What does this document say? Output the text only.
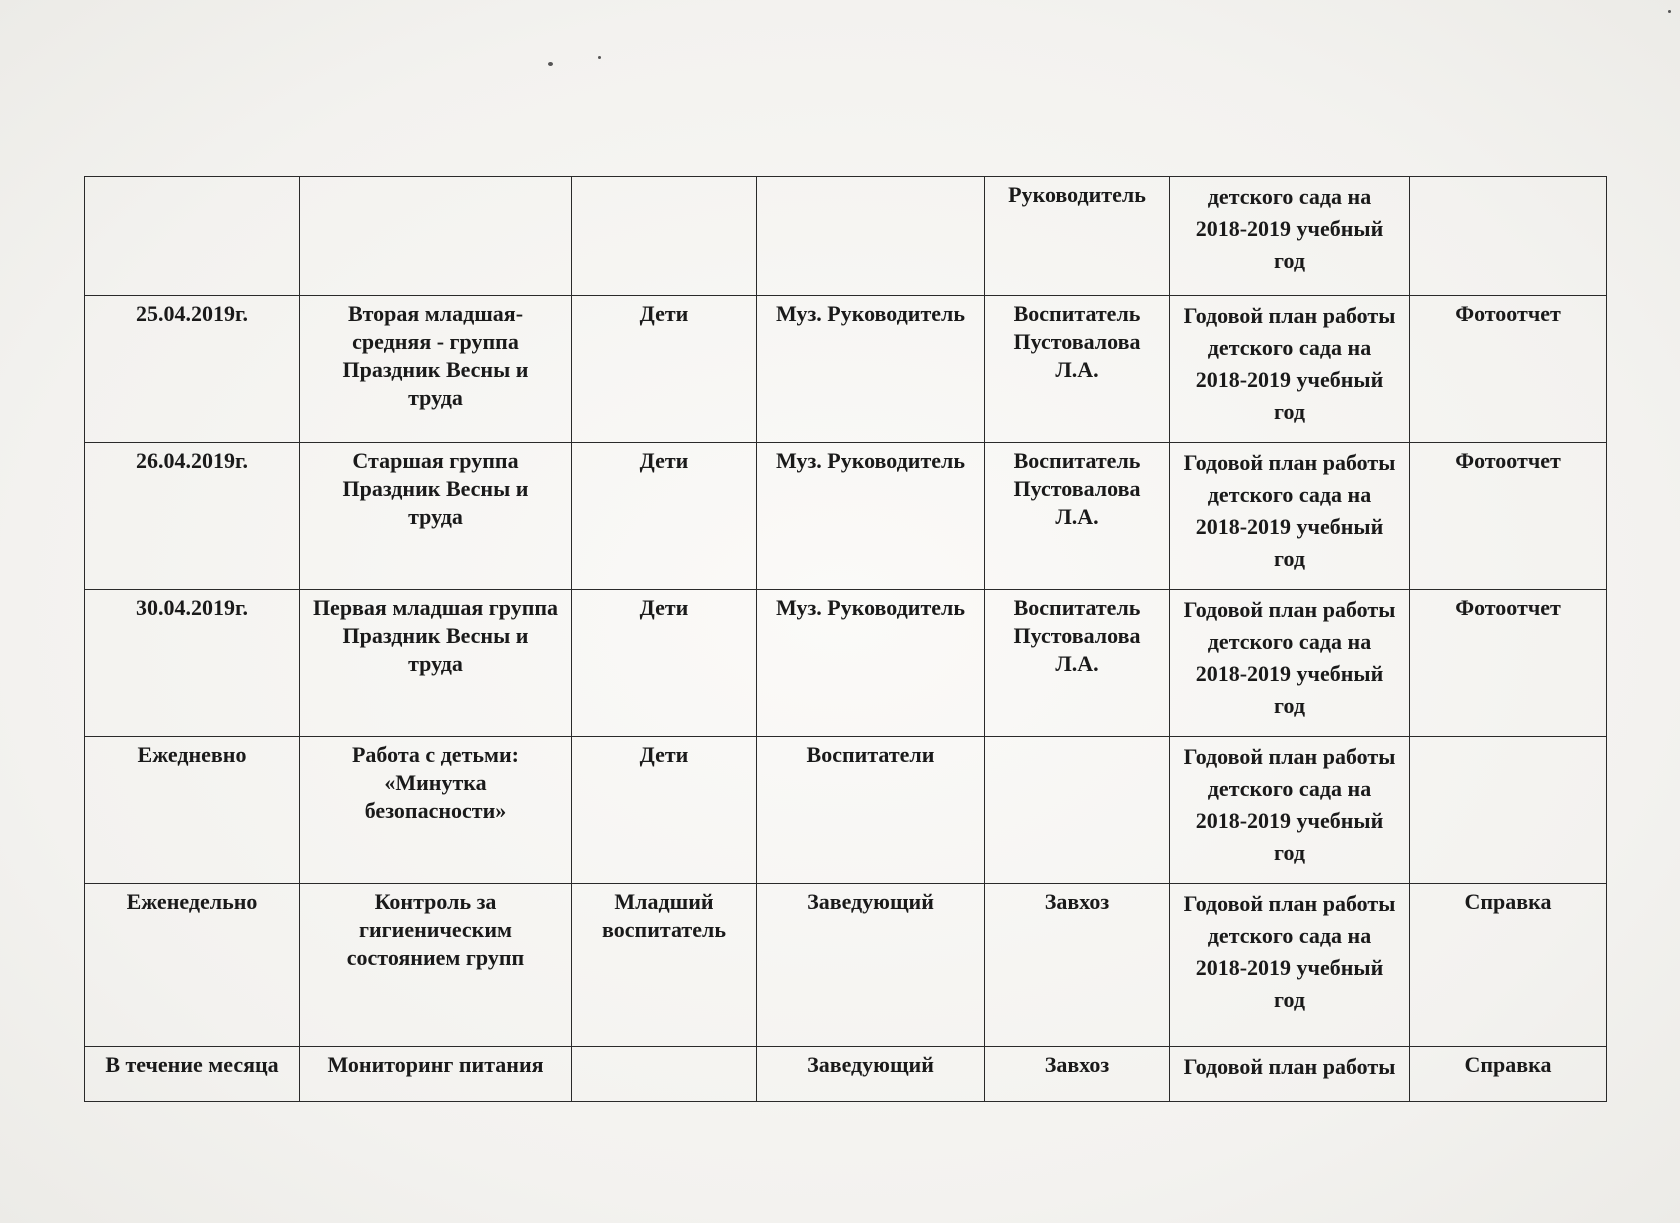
				Руководитель	детского сада на
2018-2019 учебный
год	

25.04.2019г.	Вторая младшая-
средняя - группа
Праздник Весны и
труда	Дети	Муз. Руководитель	Воспитатель
Пустовалова
Л.А.	Годовой план работы
детского сада на
2018-2019 учебный
год	Фотоотчет
26.04.2019г.	Старшая группа
Праздник Весны и
труда	Дети	Муз. Руководитель	Воспитатель
Пустовалова
Л.А.	Годовой план работы
детского сада на
2018-2019 учебный
год	Фотоотчет
30.04.2019г.	Первая младшая группа
Праздник Весны и
труда	Дети	Муз. Руководитель	Воспитатель
Пустовалова
Л.А.	Годовой план работы
детского сада на
2018-2019 учебный
год	Фотоотчет
Ежедневно	Работа с детьми:
«Минутка
безопасности»	Дети	Воспитатели		Годовой план работы
детского сада на
2018-2019 учебный
год	

Еженедельно	Контроль за
гигиеническим
состоянием групп	Младший
воспитатель	Заведующий	Завхоз	Годовой план работы
детского сада на
2018-2019 учебный
год	Справка
В течение месяца	Мониторинг питания		Заведующий	Завхоз	Годовой план работы	Справка
